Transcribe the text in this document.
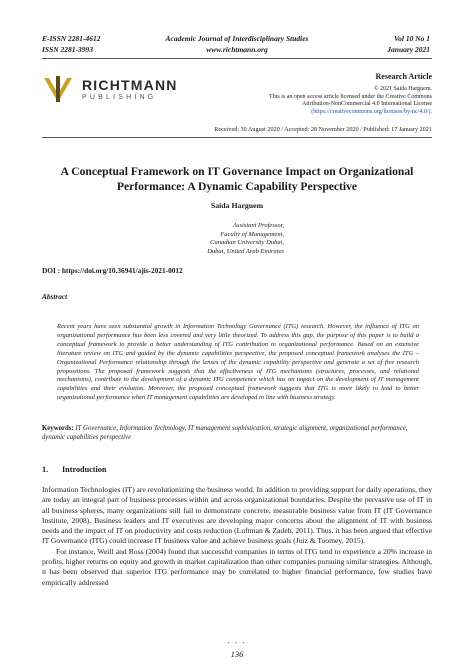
E-ISSN 2281-4612
ISSN 2281-3993
Academic Journal of Interdisciplinary Studies
www.richtmann.org
Vol 10 No 1
January 2021
RICHTMANN
PUBLISHING
Research Article
© 2021 Saida Harguem.
This is an open access article licensed under the Creative Commons
Attribution-NonCommercial 4.0 International License
(https://creativecommons.org/licenses/by-nc/4.0/).
Received: 30 August 2020 / Accepted: 28 November 2020 / Published: 17 January 2021
A Conceptual Framework on IT Governance Impact on Organizational
Performance: A Dynamic Capability Perspective
Saida Harguem
Assistant Professor,
Faculty of Management,
Canadian University Dubai,
Dubai, United Arab Emirates
DOI : https://doi.org/10.36941/ajis-2021-0012
Abstract
Recent years have seen substantial growth in Information Technology Governance (ITG) research. However, the influence of ITG on organizational performance has been less covered and very little theorized. To address this gap, the purpose of this paper is to build a conceptual framework to provide a better understanding of ITG contribution to organizational performance. Based on an extensive literature review on ITG and guided by the dynamic capabilities perspective, the proposed conceptual framework analyses the ITG – Organizational Performance relationship through the lenses of the dynamic capability perspective and generate a set of five research propositions. The proposed framework suggests that the effectiveness of ITG mechanisms (structures, processes, and relational mechanisms), contribute to the development of a dynamic ITG competence which has an impact on the development of IT management capabilities and their evolution. Moreover, the proposed conceptual framework suggests that ITG is more likely to lead to better organizational performance when IT management capabilities are developed in line with business strategy.
Keywords: IT Governance, Information Technology, IT management sophistication, strategic alignment, organizational performance, dynamic capabilities perspective
1. Introduction

Information Technologies (IT) are revolutionizing the business world. In addition to providing support for daily operations, they are today an integral part of business processes within and across organizational boundaries. Despite the pervasive use of IT in all business spheres, many organizations still fail to demonstrate concrete, measurable business value from IT (IT Governance Institute, 2008). Business leaders and IT executives are developing major concerns about the alignment of IT with business needs and the impact of IT on productivity and costs reduction (Luftman & Zadeh, 2011). Thus, it has been argued that effective IT Governance (ITG) could increase IT business value and achieve business goals (Juiz & Toomey, 2015).

For instance, Weill and Ross (2004) found that successful companies in terms of ITG tend to experience a 20% increase in profits, higher returns on equity and growth in market capitalization than other companies pursuing similar strategies. Although, it has been observed that superior ITG performance may be correlated to higher financial performance, few studies have empirically addressed

• • •
136
